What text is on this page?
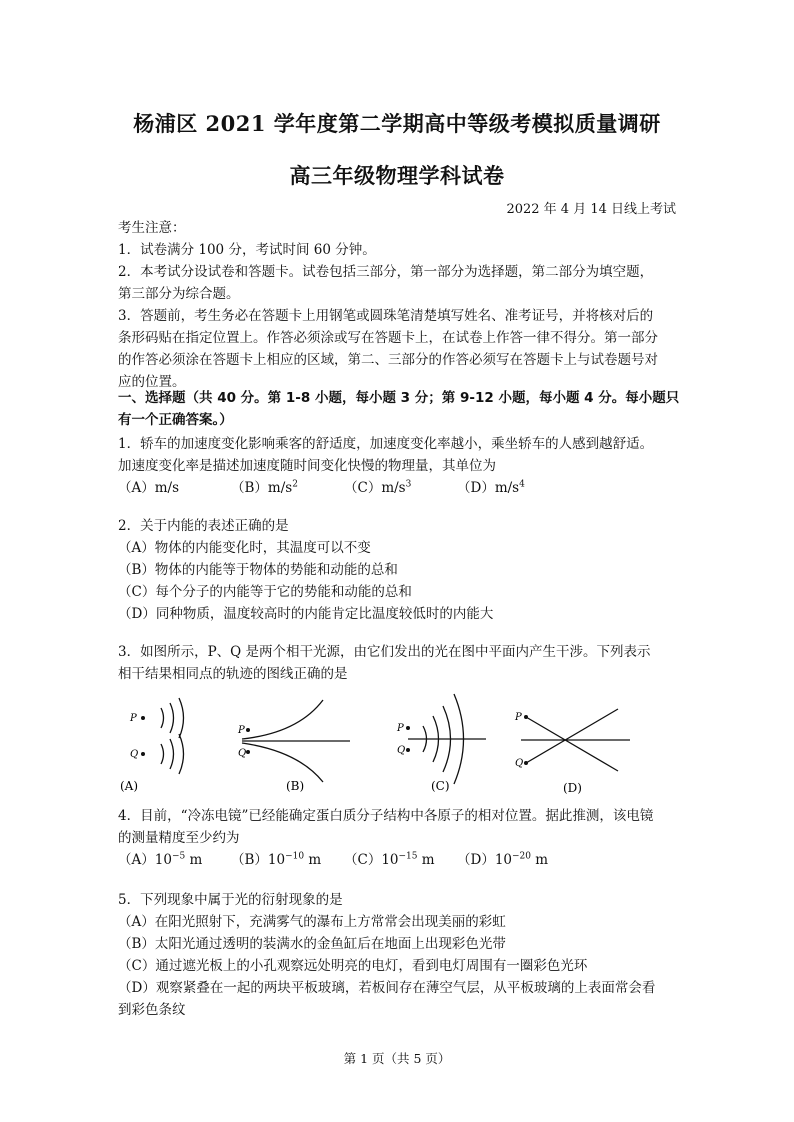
杨浦区 2021 学年度第二学期高中等级考模拟质量调研
高三年级物理学科试卷
2022 年 4 月 14 日线上考试
考生注意：
1．试卷满分 100 分，考试时间 60 分钟。
2．本考试分设试卷和答题卡。试卷包括三部分，第一部分为选择题，第二部分为填空题，
第三部分为综合题。
3．答题前，考生务必在答题卡上用钢笔或圆珠笔清楚填写姓名、准考证号，并将核对后的
条形码贴在指定位置上。作答必须涂或写在答题卡上，在试卷上作答一律不得分。第一部分
的作答必须涂在答题卡上相应的区域，第二、三部分的作答必须写在答题卡上与试卷题号对
应的位置。
一、选择题（共 40 分。第 1-8 小题，每小题 3 分；第 9-12 小题，每小题 4 分。每小题只
有一个正确答案。）
1．轿车的加速度变化影响乘客的舒适度，加速度变化率越小，乘坐轿车的人感到越舒适。
加速度变化率是描述加速度随时间变化快慢的物理量，其单位为
（A）m/s	$(B)m/s^2$	$(C)m/s^3$	$(D)m/s^4$
2．关于内能的表述正确的是
（A）物体的内能变化时，其温度可以不变
（B）物体的内能等于物体的势能和动能的总和
（C）每个分子的内能等于它的势能和动能的总和
（D）同种物质，温度较高时的内能肯定比温度较低时的内能大
3．如图所示，P、Q 是两个相干光源，由它们发出的光在图中平面内产生干涉。下列表示
相干结果相同点的轨迹的图线正确的是
P
Q
(A)
P
Q
(B)
P
Q
(C)
P
Q
(D)
4．目前，“冷冻电镜”已经能确定蛋白质分子结构中各原子的相对位置。据此推测，该电镜
的测量精度至少约为
$(A)10^{-5}$ m	$(B)10^{-10}$ m	$(C)10^{-15}$ m	$(D)10^{-20}$ m
5．下列现象中属于光的衍射现象的是
（A）在阳光照射下，充满雾气的瀑布上方常常会出现美丽的彩虹
（B）太阳光通过透明的装满水的金鱼缸后在地面上出现彩色光带
（C）通过遮光板上的小孔观察远处明亮的电灯，看到电灯周围有一圈彩色光环
（D）观察紧叠在一起的两块平板玻璃，若板间存在薄空气层，从平板玻璃的上表面常会看
到彩色条纹
第 1 页（共 5 页）
